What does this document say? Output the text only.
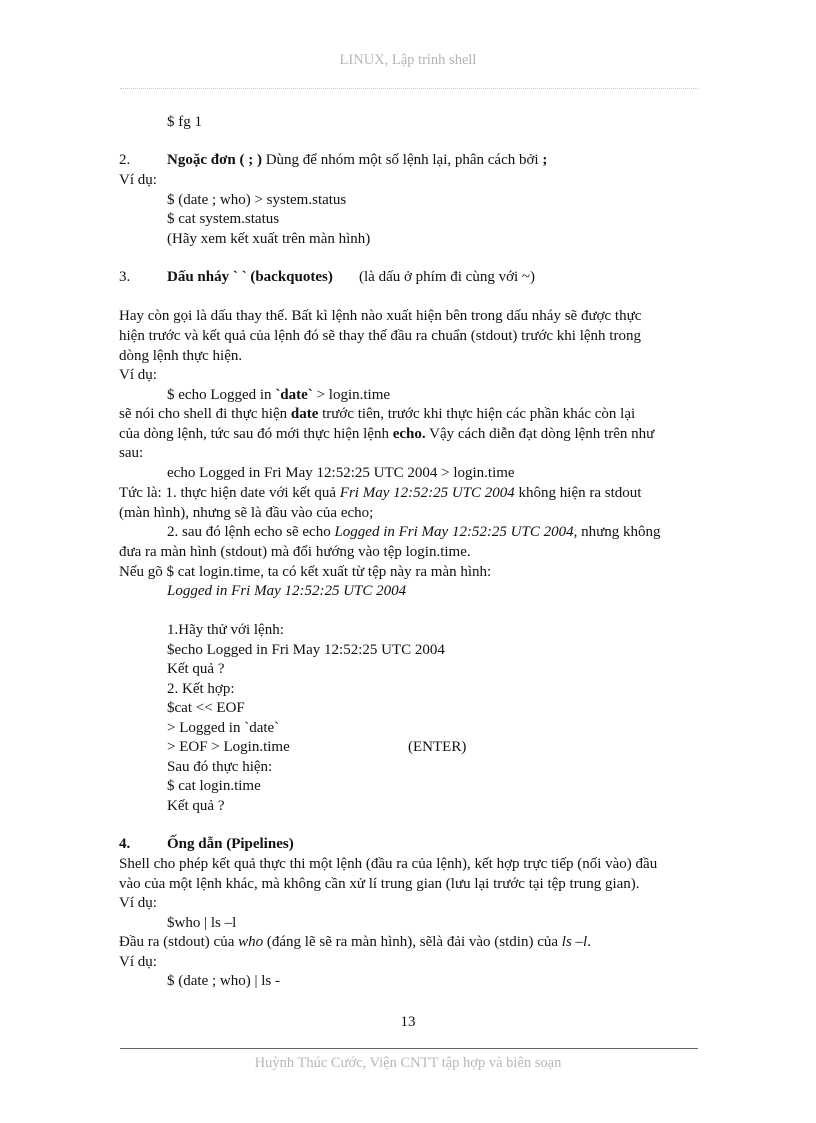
LINUX, Lập trình shell
$ fg 1
2. Ngoặc đơn ( ; ) Dùng để nhóm một số lệnh lại, phân cách bởi ;
Ví dụ:
$ (date ; who) > system.status
$ cat system.status
(Hãy xem kết xuất trên màn hình)
3. Dấu nháy ` ` (backquotes) (là dấu ở phím đi cùng với ~)
Hay còn gọi là dấu thay thế. Bất kì lệnh nào xuất hiện bên trong dấu nháy sẽ được thực
hiện trước và kết quả của lệnh đó sẽ thay thế đầu ra chuẩn (stdout) trước khi lệnh trong
dòng lệnh thực hiện.
Ví dụ:
$ echo Logged in `date` > login.time
sẽ nói cho shell đi thực hiện date trước tiên, trước khi thực hiện các phần khác còn lại
của dòng lệnh, tức sau đó mới thực hiện lệnh echo. Vậy cách diễn đạt dòng lệnh trên như
sau:
echo Logged in Fri May 12:52:25 UTC 2004 > login.time
Tức là: 1. thực hiện date với kết quả Fri May 12:52:25 UTC 2004 không hiện ra stdout
(màn hình), nhưng sẽ là đầu vào của echo;
2. sau đó lệnh echo sẽ echo Logged in Fri May 12:52:25 UTC 2004, nhưng không
đưa ra màn hình (stdout) mà đổi hướng vào tệp login.time.
Nếu gõ $ cat login.time, ta có kết xuất từ tệp này ra màn hình:
Logged in Fri May 12:52:25 UTC 2004
1.Hãy thử với lệnh:
$echo Logged in Fri May 12:52:25 UTC 2004
Kết quả ?
2. Kết hợp:
$cat << EOF
> Logged in `date`
> EOF > Login.time	(ENTER)
Sau đó thực hiện:
$ cat login.time
Kết quả ?
4. Ống dẫn (Pipelines)
Shell cho phép kết quả thực thi một lệnh (đầu ra của lệnh), kết hợp trực tiếp (nối vào) đầu
vào của một lệnh khác, mà không cần xử lí trung gian (lưu lại trước tại tệp trung gian).
Ví dụ:
$who | ls –l
Đầu ra (stdout) của who (đáng lẽ sẽ ra màn hình), sẽlà đải vào (stdin) của ls –l.
Ví dụ:
$ (date ; who) | ls -
13
Huỳnh Thúc Cước, Viện CNTT tập hợp và biên soạn
